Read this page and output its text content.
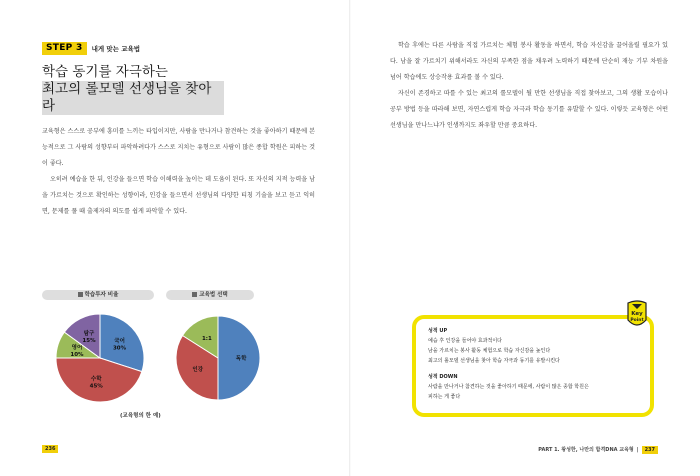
STEP 3	내게 맞는 교육법
학습 동기를 자극하는
최고의 롤모델 선생님을 찾아라

교육형은 스스로 공부에 흥미를 느끼는 타입이지만, 사람을 만나거나 참견하는 것을 좋아하기 때문에 본능적으로 그 사람의 성향부터 파악하려다가 스스로 지치는 유형으로 사람이 많은 종합 학원은 피하는 것이 좋다.

오히려 예습을 한 뒤, 인강을 들으면 학습 이해력을 높이는 데 도움이 된다. 또 자신의 지적 능력을 남을 가르치는 것으로 확인하는 성향이라, 인강을 들으면서 선생님의 다양한 티칭 기술을 보고 듣고 익히면, 문제를 풀 때 출제자의 의도를 쉽게 파악할 수 있다.

학습투자 비율	교육법 선택
국어 30%
수학 45%
영어 10%
탐구 15%
독학
인강
1:1
(교육형의 한 예)
236

학습 후에는 다른 사람을 직접 가르치는 체험 봉사 활동을 하면서, 학습 자신감을 끌어올릴 필요가 있다. 남을 잘 가르치기 위해서라도 자신의 부족한 점을 채우려 노력하기 때문에 단순히 재능 기부 차원을 넘어 학습에도 상승작용 효과를 볼 수 있다.

자신이 존경하고 따를 수 있는 최고의 롤모델이 될 만한 선생님을 직접 찾아보고, 그의 생활 모습이나 공부 방법 등을 따라해 보면, 자연스럽게 학습 자극과 학습 동기를 유발할 수 있다. 이렇듯 교육형은 어떤 선생님을 만나느냐가 인생까지도 좌우할 만큼 중요하다.

성적 UP
예습 후 인강을 들어야 효과적이다
남을 가르치는 봉사 활동 체험으로 학습 자신감을 높인다
최고의 롤모델 선생님을 찾아 학습 자극과 동기를 유발시킨다
성적 DOWN
사람을 만나거나 참견하는 것을 좋아하기 때문에, 사람이 많은 종합 학원은
피하는 게 좋다
Key
Point
PART 1. 왕성한, 나만의 합격DNA 교육형 | 237
